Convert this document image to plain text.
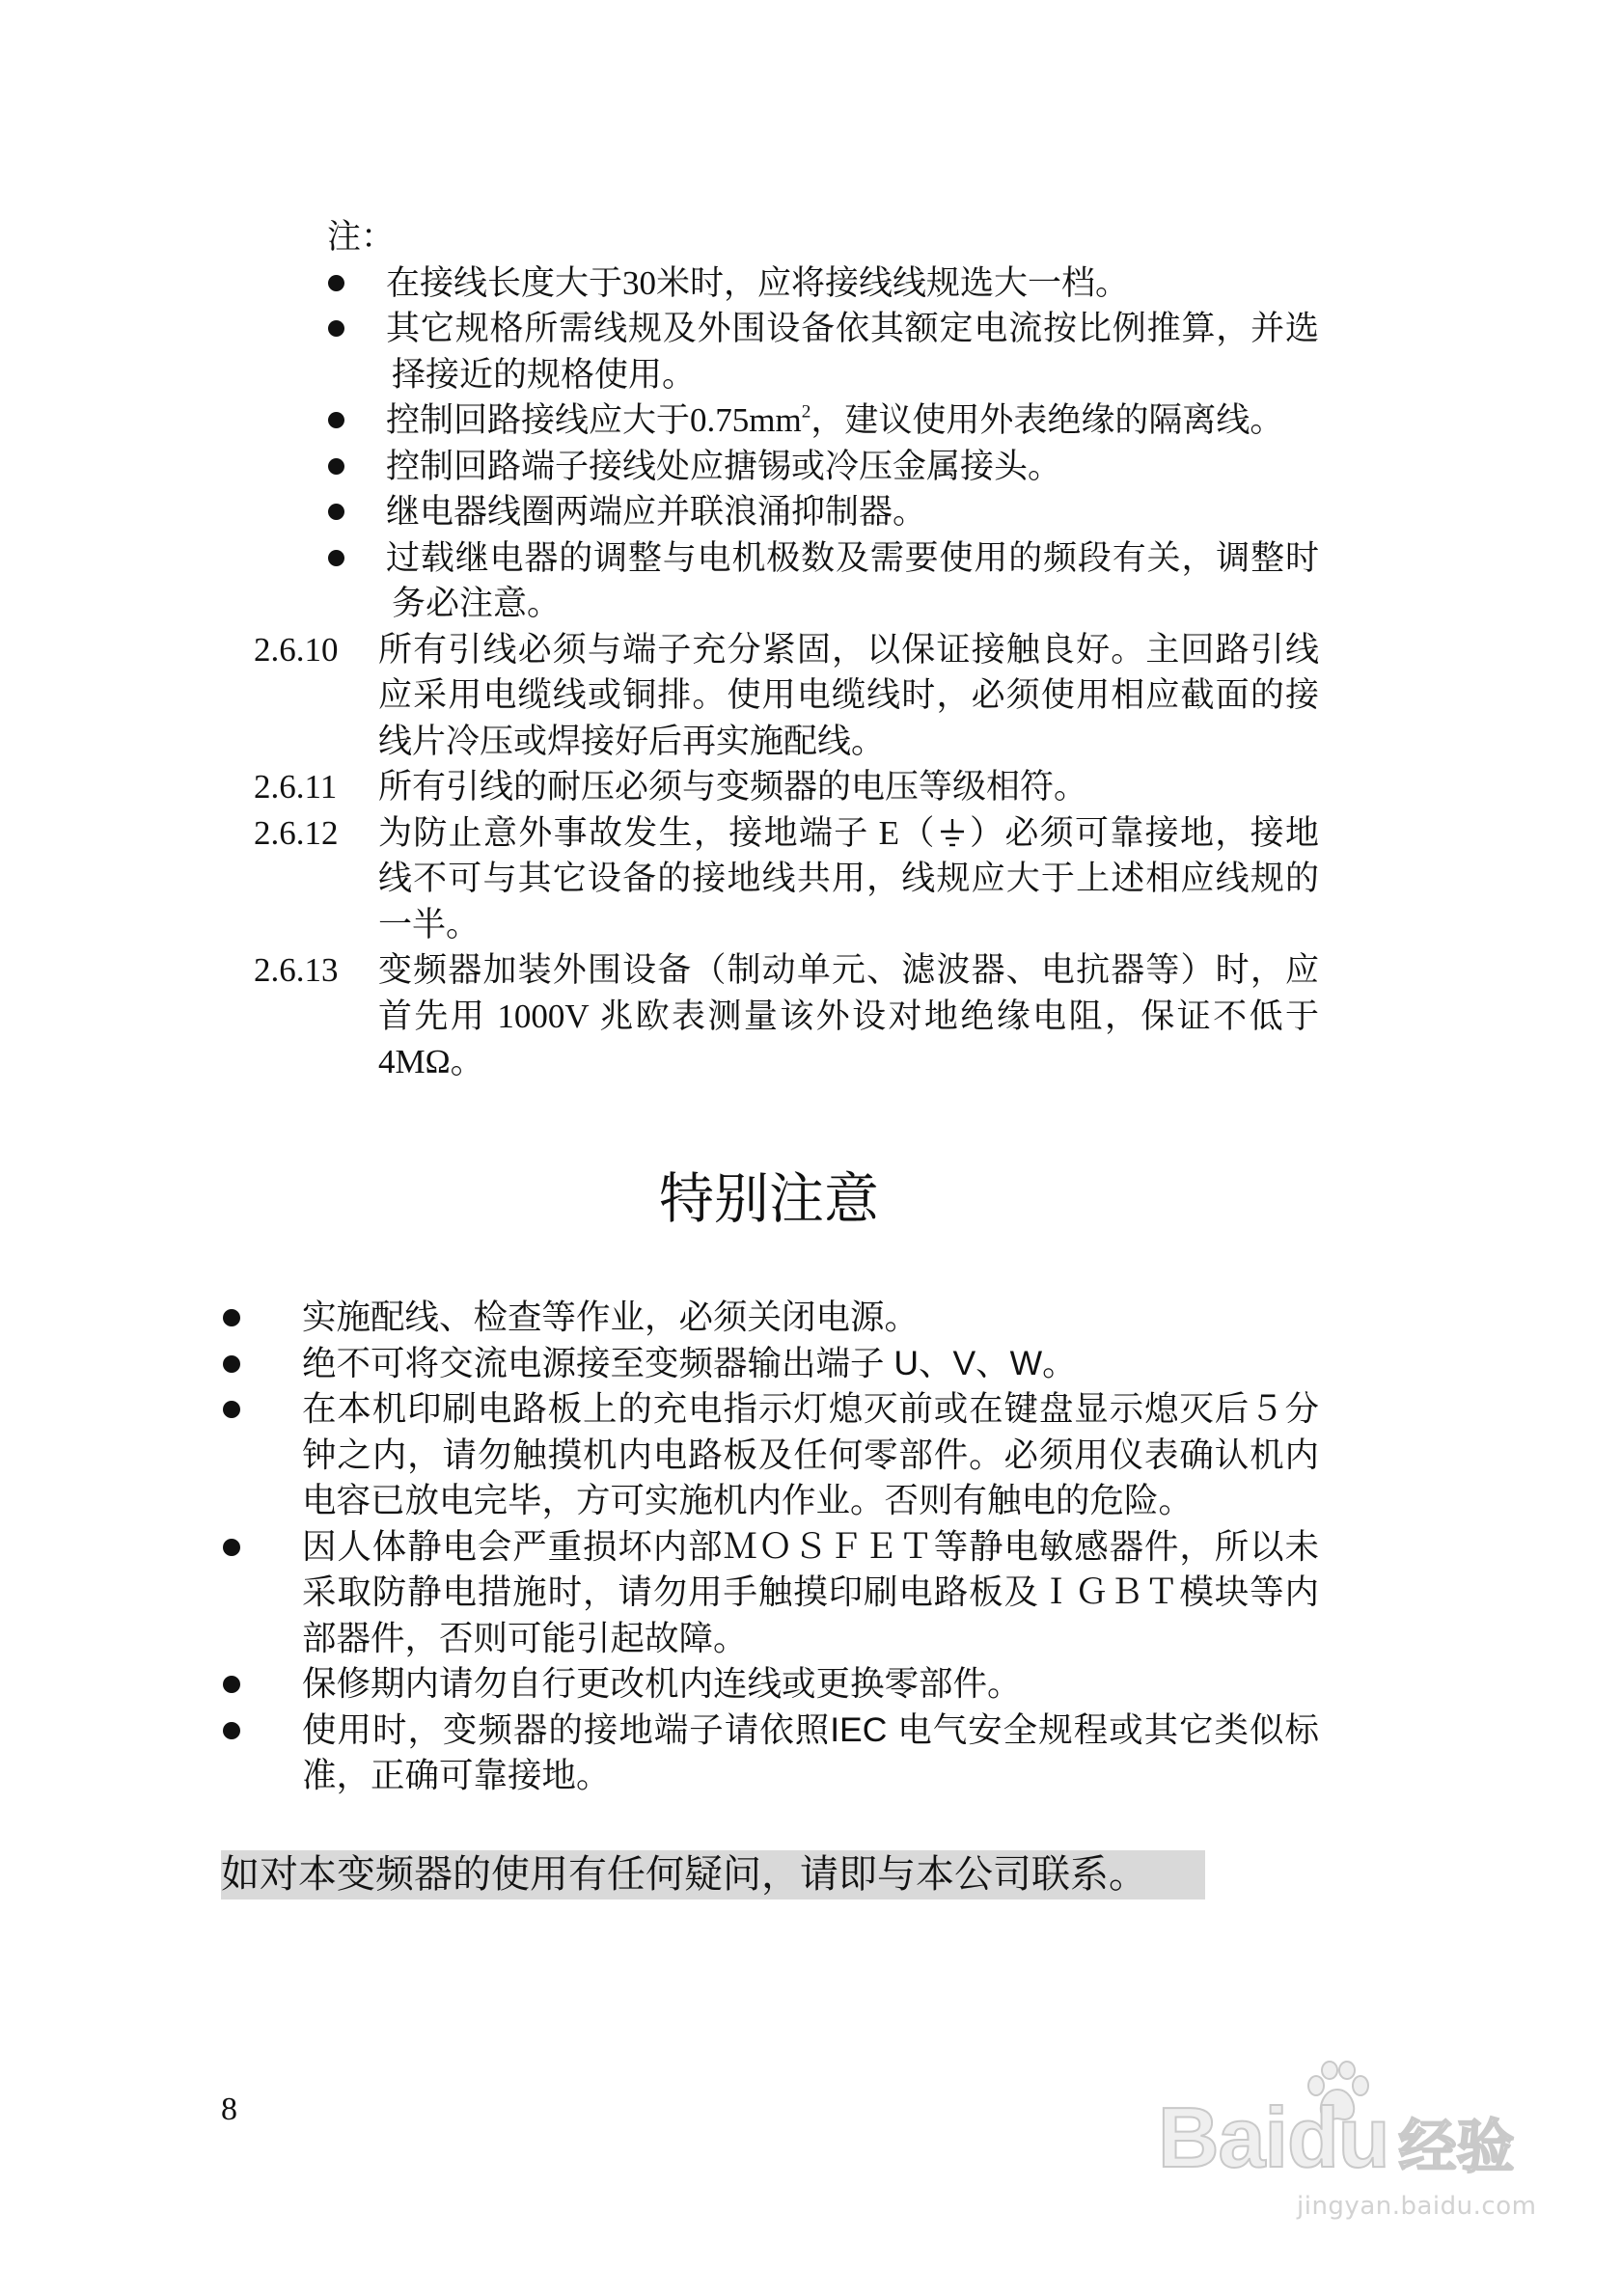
注：
在接线长度大于30米时，应将接线线规选大一档。
其它规格所需线规及外围设备依其额定电流按比例推算，并选
择接近的规格使用。
控制回路接线应大于$0.75mm^2$，建议使用外表绝缘的隔离线。
控制回路端子接线处应搪锡或冷压金属接头。
继电器线圈两端应并联浪涌抑制器。
过载继电器的调整与电机极数及需要使用的频段有关，调整时
务必注意。
2.6.10 所有引线必须与端子充分紧固，以保证接触良好。主回路引线
应采用电缆线或铜排。使用电缆线时，必须使用相应截面的接
线片冷压或焊接好后再实施配线。
2.6.11 所有引线的耐压必须与变频器的电压等级相符。
2.6.12 为防止意外事故发生，接地端子 E（ ）必须可靠接地，接地
线不可与其它设备的接地线共用，线规应大于上述相应线规的
一半。
2.6.13 变频器加装外围设备（制动单元、滤波器、电抗器等）时，应
首先用 1000V 兆欧表测量该外设对地绝缘电阻，保证不低于
4MΩ。
特别注意
实施配线、检查等作业，必须关闭电源。
绝不可将交流电源接至变频器输出端子 U、V、W。
在本机印刷电路板上的充电指示灯熄灭前或在键盘显示熄灭后５分
钟之内，请勿触摸机内电路板及任何零部件。必须用仪表确认机内
电容已放电完毕，方可实施机内作业。否则有触电的危险。
因人体静电会严重损坏内部ＭＯＳＦＥＴ等静电敏感器件，所以未
采取防静电措施时，请勿用手触摸印刷电路板及ＩＧＢＴ模块等内
部器件，否则可能引起故障。
保修期内请勿自行更改机内连线或更换零部件。
使用时，变频器的接地端子请依照IEC 电气安全规程或其它类似标
准，正确可靠接地。
如对本变频器的使用有任何疑问，请即与本公司联系。
8	Baidu 经验
jingyan.baidu.com
